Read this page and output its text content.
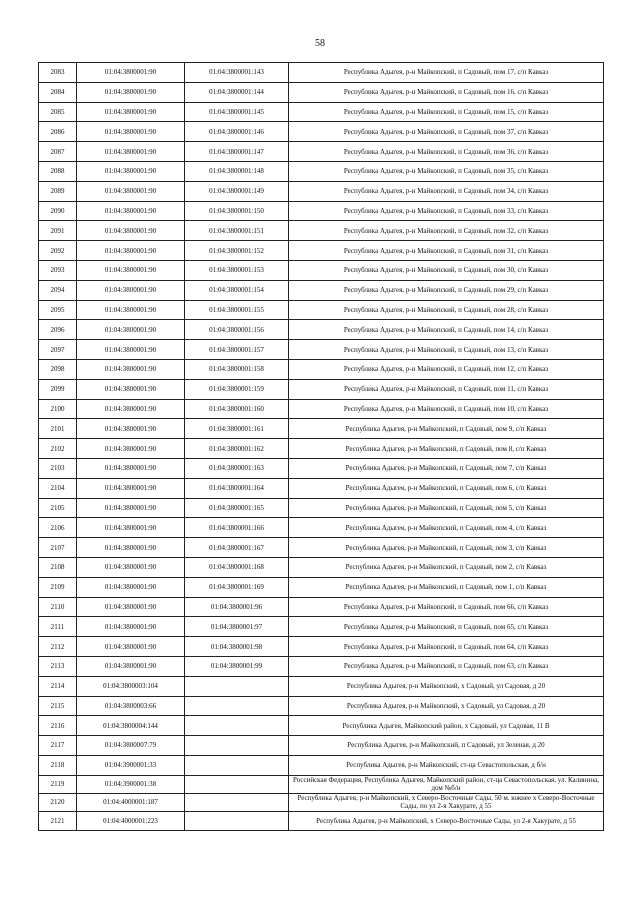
58
2083	01:04:3800001:90	01:04:3800001:143	Республика Адыгея, р-н Майкопский, п Садовый, пом 17, с/п Кавказ
2084	01:04:3800001:90	01:04:3800001:144	Республика Адыгея, р-н Майкопский, п Садовый, пом 16, с/п Кавказ
2085	01:04:3800001:90	01:04:3800001:145	Республика Адыгея, р-н Майкопский, п Садовый, пом 15, с/п Кавказ
2086	01:04:3800001:90	01:04:3800001:146	Республика Адыгея, р-н Майкопский, п Садовый, пом 37, с/п Кавказ
2087	01:04:3800001:90	01:04:3800001:147	Республика Адыгея, р-н Майкопский, п Садовый, пом 36, с/п Кавказ
2088	01:04:3800001:90	01:04:3800001:148	Республика Адыгея, р-н Майкопский, п Садовый, пом 35, с/п Кавказ
2089	01:04:3800001:90	01:04:3800001:149	Республика Адыгея, р-н Майкопский, п Садовый, пом 34, с/п Кавказ
2090	01:04:3800001:90	01:04:3800001:150	Республика Адыгея, р-н Майкопский, п Садовый, пом 33, с/п Кавказ
2091	01:04:3800001:90	01:04:3800001:151	Республика Адыгея, р-н Майкопский, п Садовый, пом 32, с/п Кавказ
2092	01:04:3800001:90	01:04:3800001:152	Республика Адыгея, р-н Майкопский, п Садовый, пом 31, с/п Кавказ
2093	01:04:3800001:90	01:04:3800001:153	Республика Адыгея, р-н Майкопский, п Садовый, пом 30, с/п Кавказ
2094	01:04:3800001:90	01:04:3800001:154	Республика Адыгея, р-н Майкопский, п Садовый, пом 29, с/п Кавказ
2095	01:04:3800001:90	01:04:3800001:155	Республика Адыгея, р-н Майкопский, п Садовый, пом 28, с/п Кавказ
2096	01:04:3800001:90	01:04:3800001:156	Республика Адыгея, р-н Майкопский, п Садовый, пом 14, с/п Кавказ
2097	01:04:3800001:90	01:04:3800001:157	Республика Адыгея, р-н Майкопский, п Садовый, пом 13, с/п Кавказ
2098	01:04:3800001:90	01:04:3800001:158	Республика Адыгея, р-н Майкопский, п Садовый, пом 12, с/п Кавказ
2099	01:04:3800001:90	01:04:3800001:159	Республика Адыгея, р-н Майкопский, п Садовый, пом 11, с/п Кавказ
2100	01:04:3800001:90	01:04:3800001:160	Республика Адыгея, р-н Майкопский, п Садовый, пом 10, с/п Кавказ
2101	01:04:3800001:90	01:04:3800001:161	Республика Адыгея, р-н Майкопский, п Садовый, пом 9, с/п Кавказ
2102	01:04:3800001:90	01:04:3800001:162	Республика Адыгея, р-н Майкопский, п Садовый, пом 8, с/п Кавказ
2103	01:04:3800001:90	01:04:3800001:163	Республика Адыгея, р-н Майкопский, п Садовый, пом 7, с/п Кавказ
2104	01:04:3800001:90	01:04:3800001:164	Республика Адыгея, р-н Майкопский, п Садовый, пом 6, с/п Кавказ
2105	01:04:3800001:90	01:04:3800001:165	Республика Адыгея, р-н Майкопский, п Садовый, пом 5, с/п Кавказ
2106	01:04:3800001:90	01:04:3800001:166	Республика Адыгея, р-н Майкопский, п Садовый, пом 4, с/п Кавказ
2107	01:04:3800001:90	01:04:3800001:167	Республика Адыгея, р-н Майкопский, п Садовый, пом 3, с/п Кавказ
2108	01:04:3800001:90	01:04:3800001:168	Республика Адыгея, р-н Майкопский, п Садовый, пом 2, с/п Кавказ
2109	01:04:3800001:90	01:04:3800001:169	Республика Адыгея, р-н Майкопский, п Садовый, пом 1, с/п Кавказ
2110	01:04:3800001:90	01:04:3800001:96	Республика Адыгея, р-н Майкопский, п Садовый, пом 66, с/п Кавказ
2111	01:04:3800001:90	01:04:3800001:97	Республика Адыгея, р-н Майкопский, п Садовый, пом 65, с/п Кавказ
2112	01:04:3800001:90	01:04:3800001:98	Республика Адыгея, р-н Майкопский, п Садовый, пом 64, с/п Кавказ
2113	01:04:3800001:90	01:04:3800001:99	Республика Адыгея, р-н Майкопский, п Садовый, пом 63, с/п Кавказ
2114	01:04:3800003:104		Республика Адыгея, р-н Майкопский, х Садовый, ул Садовая, д 20
2115	01:04:3800003:66		Республика Адыгея, р-н Майкопский, х Садовый, ул Садовая, д 20
2116	01:04:3800004:144		Республика Адыгея, Майкопский район, х Садовый, ул Садовая, 11 В
2117	01:04:3800007:79		Республика Адыгея, р-н Майкопский, п Садовый, ул Зеленая, д 20
2118	01:04:3900001:33		Республика Адыгея, р-н Майкопский, ст-ца Севастопольская, д б/н
2119	01:04:3900001:38		Российская Федерация, Республика Адыгея, Майкопский район, ст-ца Севастопольская, ул. Калинина, дом №б/н
2120	01:04:4000001:187		Республика Адыгея, р-н Майкопский, х Северо-Восточные Сады, 50 м. южнее х Северо-Восточные Сады, по ул 2-я Хакурате, д 55
2121	01:04:4000001:223		Республика Адыгея, р-н Майкопский, х Северо-Восточные Сады, ул 2-я Хакурате, д 55
